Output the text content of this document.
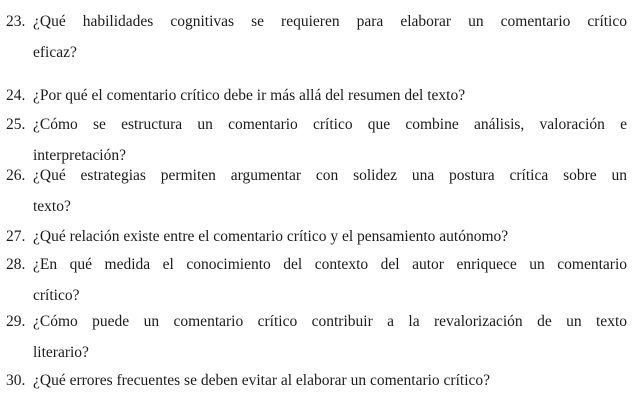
23. ¿Qué habilidades cognitivas se requieren para elaborar un comentario crítico
eficaz?
24. ¿Por qué el comentario crítico debe ir más allá del resumen del texto?
25. ¿Cómo se estructura un comentario crítico que combine análisis, valoración e
interpretación?
26. ¿Qué estrategias permiten argumentar con solidez una postura crítica sobre un
texto?
27. ¿Qué relación existe entre el comentario crítico y el pensamiento autónomo?
28. ¿En qué medida el conocimiento del contexto del autor enriquece un comentario
crítico?
29. ¿Cómo puede un comentario crítico contribuir a la revalorización de un texto
literario?
30. ¿Qué errores frecuentes se deben evitar al elaborar un comentario crítico?
